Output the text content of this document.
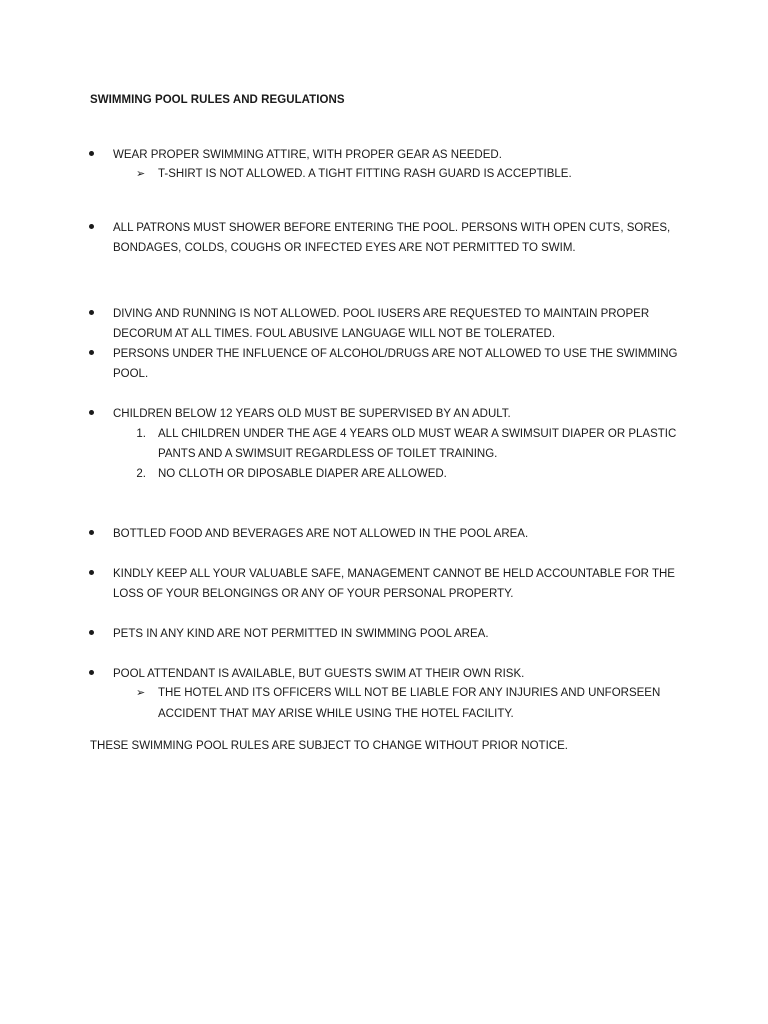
SWIMMING POOL RULES AND REGULATIONS
WEAR PROPER SWIMMING ATTIRE, WITH PROPER GEAR AS NEEDED.
➢ T-SHIRT IS NOT ALLOWED. A TIGHT FITTING RASH GUARD IS ACCEPTIBLE.
ALL PATRONS MUST SHOWER BEFORE ENTERING THE POOL. PERSONS WITH OPEN CUTS, SORES,
BONDAGES, COLDS, COUGHS OR INFECTED EYES ARE NOT PERMITTED TO SWIM.
DIVING AND RUNNING IS NOT ALLOWED. POOL IUSERS ARE REQUESTED TO MAINTAIN PROPER
DECORUM AT ALL TIMES. FOUL ABUSIVE LANGUAGE WILL NOT BE TOLERATED.
PERSONS UNDER THE INFLUENCE OF ALCOHOL/DRUGS ARE NOT ALLOWED TO USE THE SWIMMING
POOL.
CHILDREN BELOW 12 YEARS OLD MUST BE SUPERVISED BY AN ADULT.
1. ALL CHILDREN UNDER THE AGE 4 YEARS OLD MUST WEAR A SWIMSUIT DIAPER OR PLASTIC
PANTS AND A SWIMSUIT REGARDLESS OF TOILET TRAINING.
2. NO CLLOTH OR DIPOSABLE DIAPER ARE ALLOWED.
BOTTLED FOOD AND BEVERAGES ARE NOT ALLOWED IN THE POOL AREA.
KINDLY KEEP ALL YOUR VALUABLE SAFE, MANAGEMENT CANNOT BE HELD ACCOUNTABLE FOR THE
LOSS OF YOUR BELONGINGS OR ANY OF YOUR PERSONAL PROPERTY.
PETS IN ANY KIND ARE NOT PERMITTED IN SWIMMING POOL AREA.
POOL ATTENDANT IS AVAILABLE, BUT GUESTS SWIM AT THEIR OWN RISK.
➢ THE HOTEL AND ITS OFFICERS WILL NOT BE LIABLE FOR ANY INJURIES AND UNFORSEEN
ACCIDENT THAT MAY ARISE WHILE USING THE HOTEL FACILITY.
THESE SWIMMING POOL RULES ARE SUBJECT TO CHANGE WITHOUT PRIOR NOTICE.
